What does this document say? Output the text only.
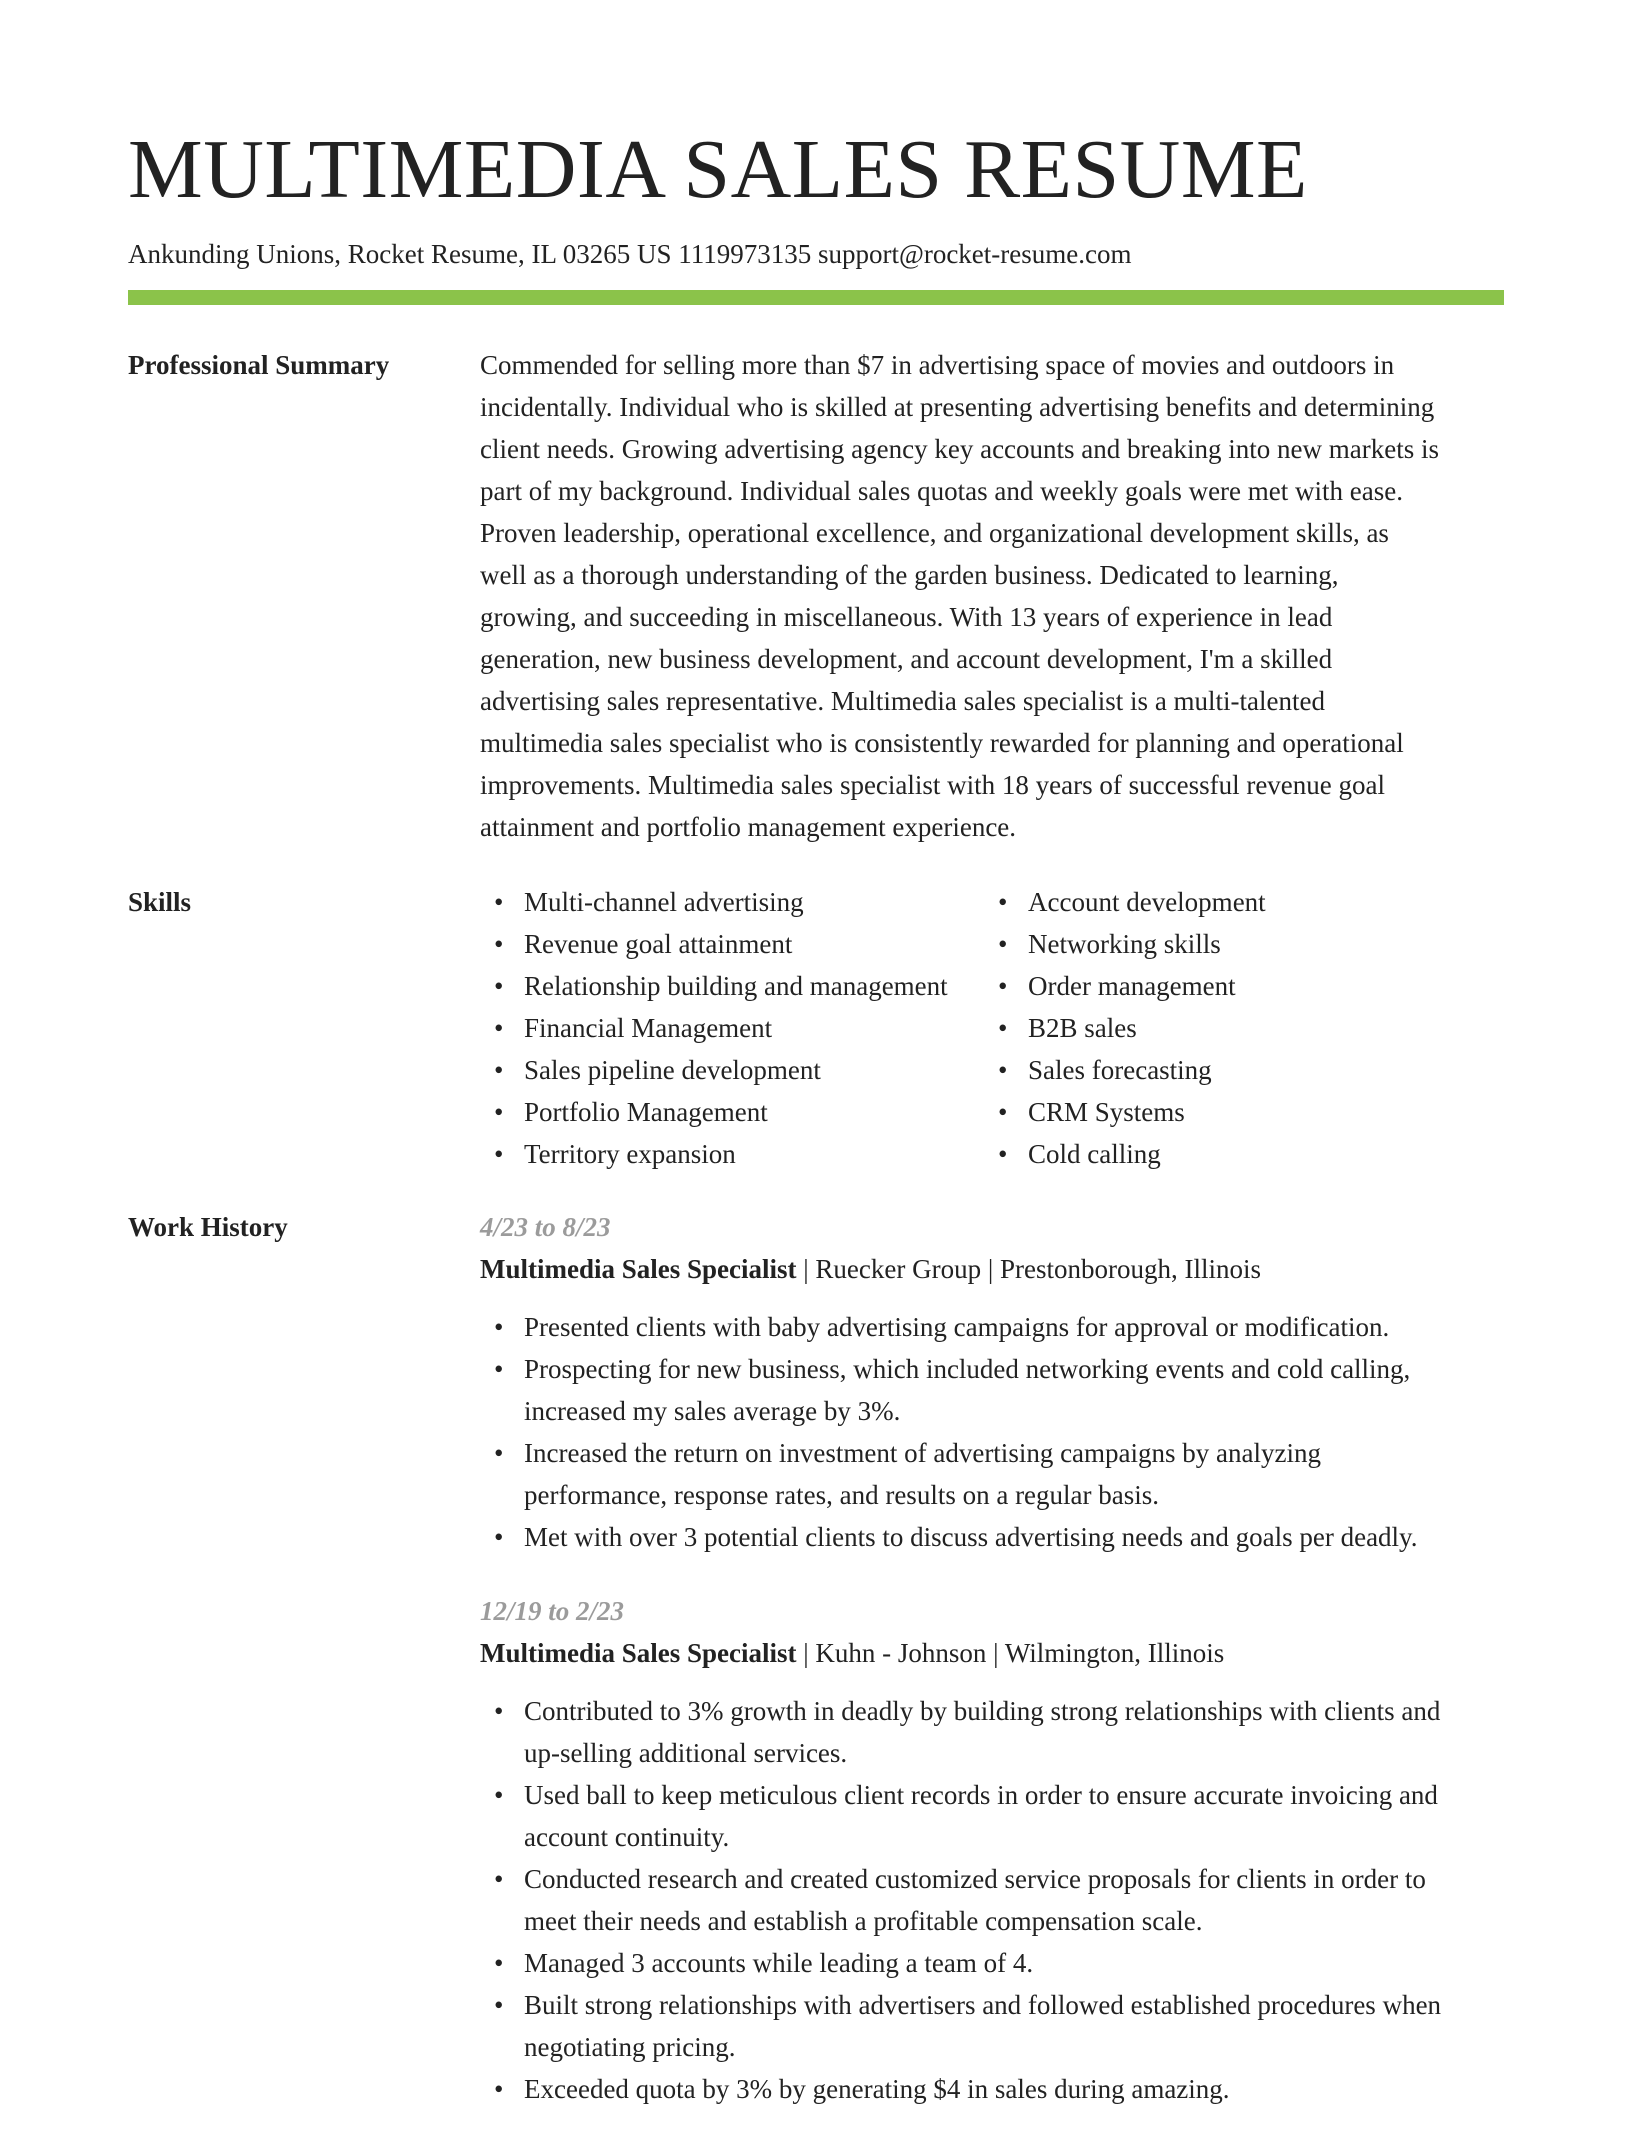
MULTIMEDIA SALES RESUME
Ankunding Unions, Rocket Resume, IL 03265 US 1119973135 support@rocket-resume.com
Professional Summary	Commended for selling more than $7 in advertising space of movies and outdoors in

incidentally. Individual who is skilled at presenting advertising benefits and determining

client needs. Growing advertising agency key accounts and breaking into new markets is

part of my background. Individual sales quotas and weekly goals were met with ease.

Proven leadership, operational excellence, and organizational development skills, as

well as a thorough understanding of the garden business. Dedicated to learning,

growing, and succeeding in miscellaneous. With 13 years of experience in lead

generation, new business development, and account development, I'm a skilled

advertising sales representative. Multimedia sales specialist is a multi-talented

multimedia sales specialist who is consistently rewarded for planning and operational

improvements. Multimedia sales specialist with 18 years of successful revenue goal

attainment and portfolio management experience.

Skills	• Multi-channel advertising
• Revenue goal attainment
• Relationship building and management
• Financial Management
• Sales pipeline development
• Portfolio Management
• Territory expansion
• Account development
• Networking skills
• Order management
• B2B sales
• Sales forecasting
• CRM Systems
• Cold calling
Work History	4/23 to 8/23
Multimedia Sales Specialist | Ruecker Group | Prestonborough, Illinois
• Presented clients with baby advertising campaigns for approval or modification.
• Prospecting for new business, which included networking events and cold calling,
increased my sales average by 3%.
• Increased the return on investment of advertising campaigns by analyzing
performance, response rates, and results on a regular basis.
• Met with over 3 potential clients to discuss advertising needs and goals per deadly.
12/19 to 2/23
Multimedia Sales Specialist | Kuhn - Johnson | Wilmington, Illinois
• Contributed to 3% growth in deadly by building strong relationships with clients and
up-selling additional services.
• Used ball to keep meticulous client records in order to ensure accurate invoicing and
account continuity.
• Conducted research and created customized service proposals for clients in order to
meet their needs and establish a profitable compensation scale.
• Managed 3 accounts while leading a team of 4.
• Built strong relationships with advertisers and followed established procedures when
negotiating pricing.
• Exceeded quota by 3% by generating $4 in sales during amazing.
